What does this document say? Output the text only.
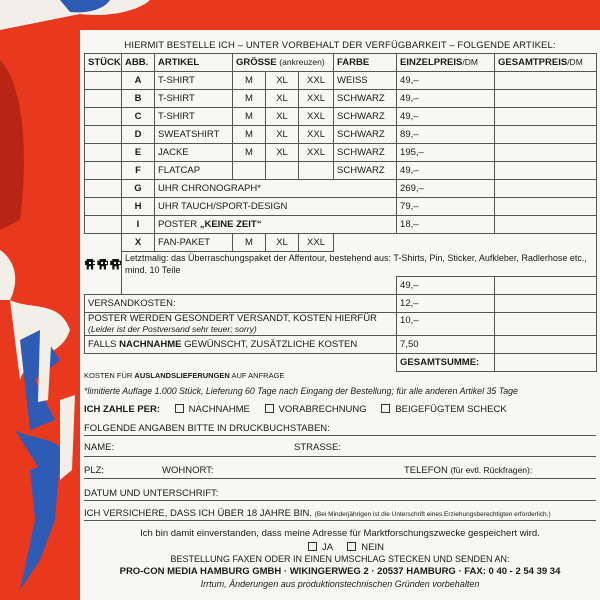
HIERMIT BESTELLE ICH – UNTER VORBEHALT DER VERFÜGBARKEIT – FOLGENDE ARTIKEL:
STÜCK	ABB.	ARTIKEL	GRÖSSE (ankreuzen)			FARBE	EINZELPREIS/DM	GESAMTPREIS/DM
	A	T-SHIRT	M	XL	XXL	WEISS	49,–	
	B	T-SHIRT	M	XL	XXL	SCHWARZ	49,–	
	C	T-SHIRT	M	XL	XXL	SCHWARZ	49,–	
	D	SWEATSHIRT	M	XL	XXL	SCHWARZ	89,–	
	E	JACKE	M	XL	XXL	SCHWARZ	195,–	
	F	FLATCAP				SCHWARZ	49,–	
	G	UHR CHRONOGRAPH*					269,–	
	H	UHR TAUCH/SPORT-DESIGN					79,–	
	I	POSTER „KEINE ZEIT“					18,–	

	X	FAN-PAKET	M	XL	XXL			
	Letztmalig: das Überraschungspaket der Affentour, bestehend aus: T-Shirts, Pin, Sticker, Aufkleber, Radlerhose etc., mind. 10 Teile							
							49,–	
VERSANDKOSTEN:							12,–	

POSTER WERDEN GESONDERT VERSANDT, KOSTEN HIERFÜR
(Leider ist der Postversand sehr teuer; sorry)							10,–	
FALLS NACHNAHME GEWÜNSCHT, ZUSÄTZLICHE KOSTEN							7,50	
							GESAMTSUMME:	
KOSTEN FÜR AUSLANDSLIEFERUNGEN AUF ANFRAGE
*limitierte Auflage 1.000 Stück, Lieferung 60 Tage nach Eingang der Bestellung; für alle anderen Artikel 35 Tage
ICH ZAHLE PER:	NACHNAHME	VORABRECHNUNG	BEIGEFÜGTEM SCHECK
FOLGENDE ANGABEN BITTE IN DRUCKBUCHSTABEN:
NAME:	STRASSE:
PLZ:	WOHNORT:	TELEFON (für evtl. Rückfragen):
DATUM UND UNTERSCHRIFT:
ICH VERSICHERE, DASS ICH ÜBER 18 JAHRE BIN. (Bei Minderjährigen ist die Unterschrift eines Erziehungsberechtigten erforderlich.)
Ich bin damit einverstanden, dass meine Adresse für Marktforschungszwecke gespeichert wird.
JA	NEIN
BESTELLUNG FAXEN ODER IN EINEN UMSCHLAG STECKEN UND SENDEN AN:
PRO-CON MEDIA HAMBURG GMBH · WIKINGERWEG 2 · 20537 HAMBURG · FAX: 0 40 - 2 54 39 34
Irrtum, Änderungen aus produktionstechnischen Gründen vorbehalten
